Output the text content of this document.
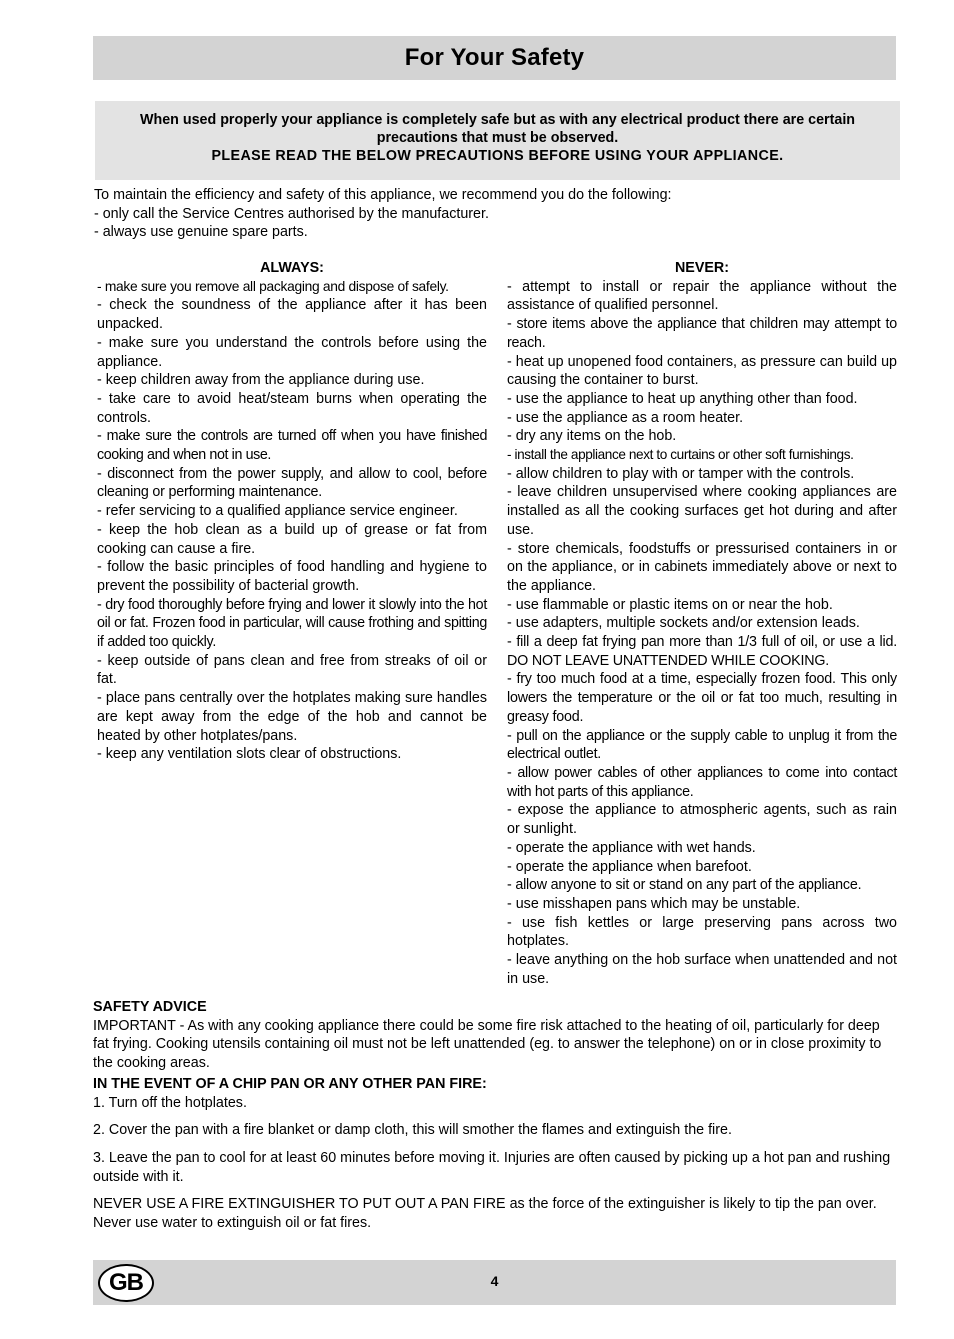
For Your Safety
When used properly your appliance is completely safe but as with any electrical product there are certain precautions that must be observed.
PLEASE READ THE BELOW PRECAUTIONS BEFORE USING YOUR APPLIANCE.

To maintain the efficiency and safety of this appliance, we recommend you do the following:

- only call the Service Centres authorised by the manufacturer.

- always use genuine spare parts.

ALWAYS:
- make sure you remove all packaging and dispose of safely.
- check the soundness of the appliance after it has been unpacked.
- make sure you understand the controls before using the appliance.
- keep children away from the appliance during use.
- take care to avoid heat/steam burns when operating the controls.
- make sure the controls are turned off when you have finished cooking and when not in use.
- disconnect from the power supply, and allow to cool, before cleaning or performing maintenance.
- refer servicing to a qualified appliance service engineer.
- keep the hob clean as a build up of grease or fat from cooking can cause a fire.
- follow the basic principles of food handling and hygiene to prevent the possibility of bacterial growth.
- dry food thoroughly before frying and lower it slowly into the hot oil or fat. Frozen food in particular, will cause frothing and spitting if added too quickly.
- keep outside of pans clean and free from streaks of oil or fat.
- place pans centrally over the hotplates making sure handles are kept away from the edge of the hob and cannot be heated by other hotplates/pans.
- keep any ventilation slots clear of obstructions.
NEVER:
- attempt to install or repair the appliance without the assistance of qualified personnel.
- store items above the appliance that children may attempt to reach.
- heat up unopened food containers, as pressure can build up causing the container to burst.
- use the appliance to heat up anything other than food.
- use the appliance as a room heater.
- dry any items on the hob.
- install the appliance next to curtains or other soft furnishings.
- allow children to play with or tamper with the controls.
- leave children unsupervised where cooking appliances are installed as all the cooking surfaces get hot during and after use.
- store chemicals, foodstuffs or pressurised containers in or on the appliance, or in cabinets immediately above or next to the appliance.
- use flammable or plastic items on or near the hob.
- use adapters, multiple sockets and/or extension leads.
- fill a deep fat frying pan more than 1/3 full of oil, or use a lid. DO NOT LEAVE UNATTENDED WHILE COOKING.
- fry too much food at a time, especially frozen food. This only lowers the temperature or the oil or fat too much, resulting in greasy food.
- pull on the appliance or the supply cable to unplug it from the electrical outlet.
- allow power cables of other appliances to come into contact with hot parts of this appliance.
- expose the appliance to atmospheric agents, such as rain or sunlight.
- operate the appliance with wet hands.
- operate the appliance when barefoot.
- allow anyone to sit or stand on any part of the appliance.
- use misshapen pans which may be unstable.
- use fish kettles or large preserving pans across two hotplates.
- leave anything on the hob surface when unattended and not in use.
SAFETY ADVICE

IMPORTANT - As with any cooking appliance there could be some fire risk attached to the heating of oil, particularly for deep fat frying. Cooking utensils containing oil must not be left unattended (eg. to answer the telephone) on or in close proximity to the cooking areas.

IN THE EVENT OF A CHIP PAN OR ANY OTHER PAN FIRE:

1. Turn off the hotplates.

2. Cover the pan with a fire blanket or damp cloth, this will smother the flames and extinguish the fire.

3. Leave the pan to cool for at least 60 minutes before moving it. Injuries are often caused by picking up a hot pan and rushing outside with it.

NEVER USE A FIRE EXTINGUISHER TO PUT OUT A PAN FIRE as the force of the extinguisher is likely to tip the pan over. Never use water to extinguish oil or fat fires.

GB	4
